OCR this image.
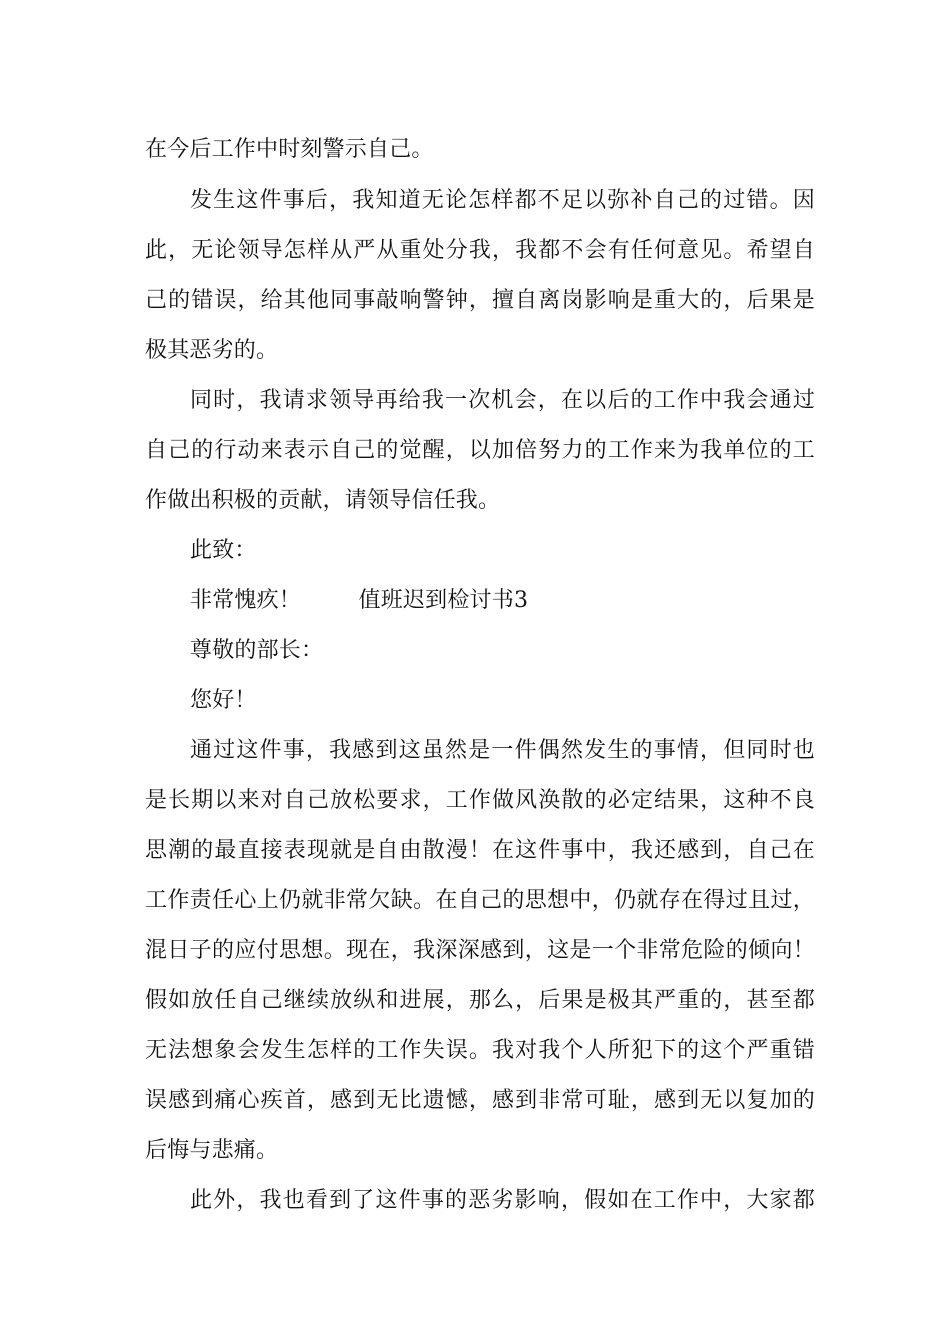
在今后工作中时刻警示自己。
发生这件事后，我知道无论怎样都不足以弥补自己的过错。因
此，无论领导怎样从严从重处分我，我都不会有任何意见。希望自
己的错误，给其他同事敲响警钟，擅自离岗影响是重大的，后果是
极其恶劣的。
同时，我请求领导再给我一次机会，在以后的工作中我会通过
自己的行动来表示自己的觉醒，以加倍努力的工作来为我单位的工
作做出积极的贡献，请领导信任我。
此致：
非常愧疚！        值班迟到检讨书3
尊敬的部长：
您好！
通过这件事，我感到这虽然是一件偶然发生的事情，但同时也
是长期以来对自己放松要求，工作做风涣散的必定结果，这种不良
思潮的最直接表现就是自由散漫！在这件事中，我还感到，自己在
工作责任心上仍就非常欠缺。在自己的思想中，仍就存在得过且过，
混日子的应付思想。现在，我深深感到，这是一个非常危险的倾向！
假如放任自己继续放纵和进展，那么，后果是极其严重的，甚至都
无法想象会发生怎样的工作失误。我对我个人所犯下的这个严重错
误感到痛心疾首，感到无比遗憾，感到非常可耻，感到无以复加的
后悔与悲痛。
此外，我也看到了这件事的恶劣影响，假如在工作中，大家都
